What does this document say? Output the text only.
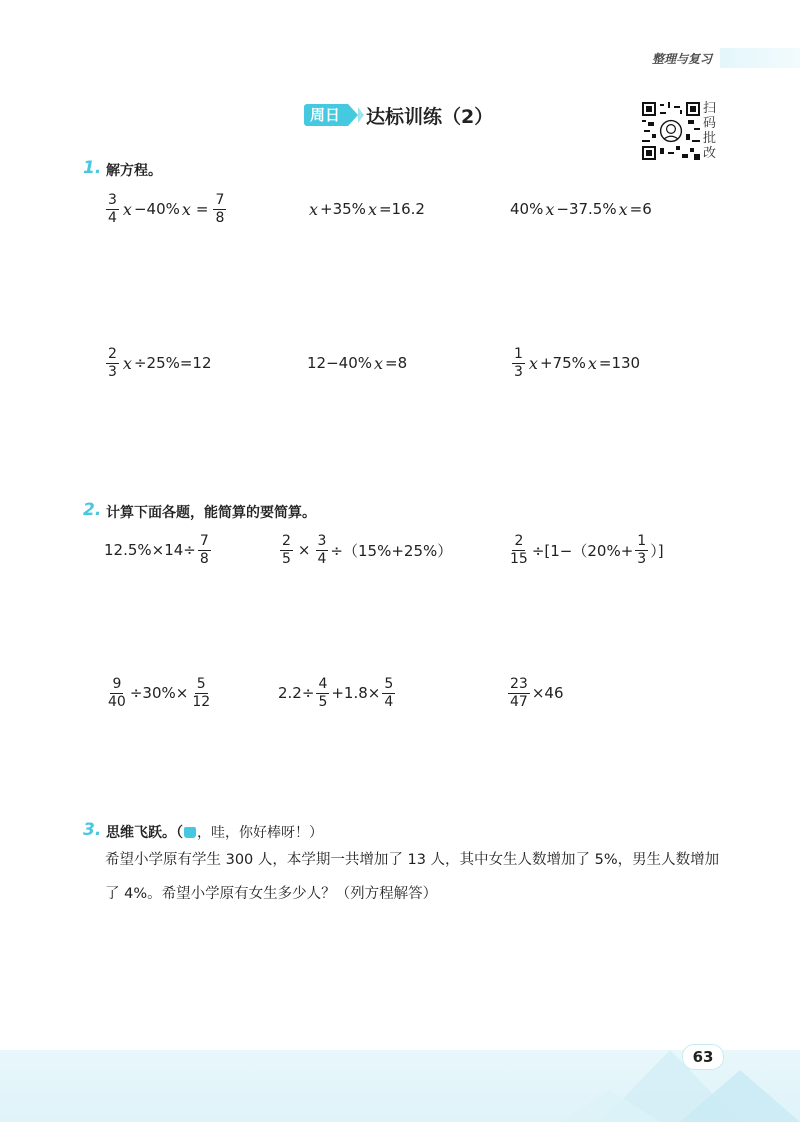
整理与复习
周日	达标训练（2）	扫 码 批 改
1. 解方程。
$\frac{3}{4}$ x −40% $x = \frac{7}{8}$	x +35% x =16.2	40% x −37.5% x =6
$\frac{2}{3}$ x ÷25%=12	12−40% x =8	$\frac{1}{3}$ x +75% x =130
2. 计算下面各题，能简算的要简算。
$12.5\%\times 14\div \frac{7}{8}$	$\frac{2}{5} \times \frac{3}{4} \div(15\%+25\%)$	$\frac{2}{15} \div[1-(20\%+ \frac{1}{3}$ ）]
$\frac{9}{40} \div 30\%\times \frac{5}{12}$	$2.2\div \frac{4}{5} +1.8\times \frac{5}{4}$	$\frac{23}{47} \times 46$
3. 思维飞跃。（ ，哇，你好棒呀！）
希望小学原有学生 300 人，本学期一共增加了 13 人，其中女生人数增加了 5%，男生人数增加了 4%。希望小学原有女生多少人？（列方程解答）
63
